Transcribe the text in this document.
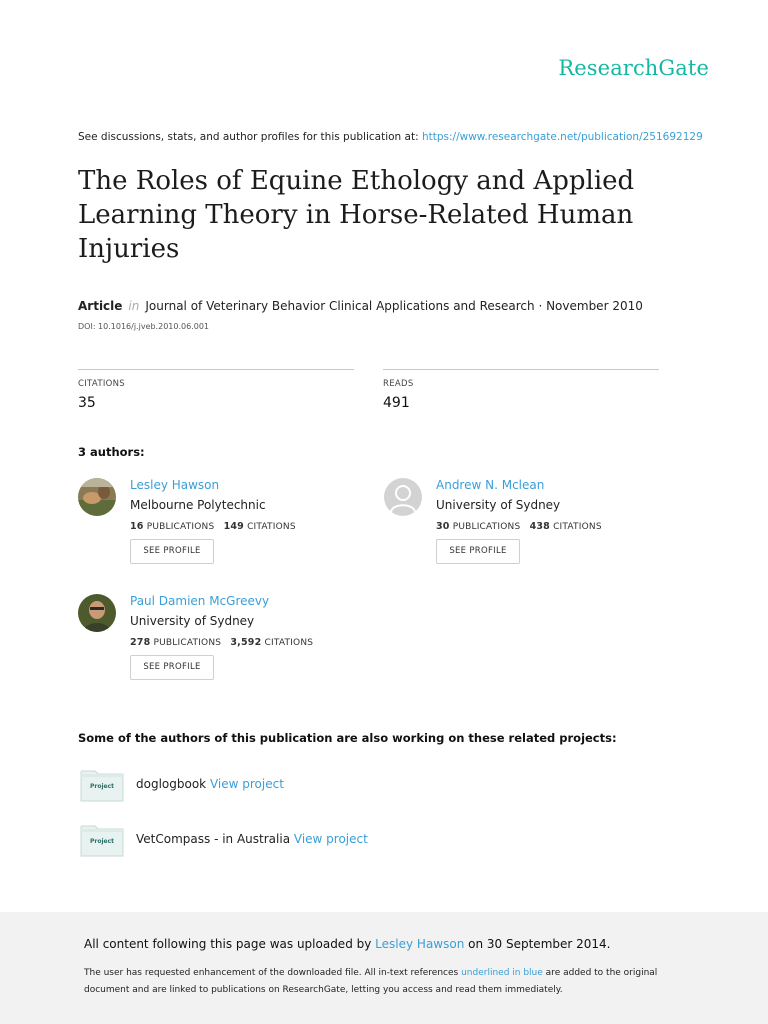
ResearchGate
See discussions, stats, and author profiles for this publication at: https://www.researchgate.net/publication/251692129
The Roles of Equine Ethology and Applied Learning Theory in Horse-Related Human Injuries
Article in Journal of Veterinary Behavior Clinical Applications and Research · November 2010
DOI: 10.1016/j.jveb.2010.06.001
CITATIONS
35
READS
491
3 authors:
Lesley Hawson
Melbourne Polytechnic
16 PUBLICATIONS 149 CITATIONS
SEE PROFILE
Andrew N. Mclean
University of Sydney
30 PUBLICATIONS 438 CITATIONS
SEE PROFILE
Paul Damien McGreevy
University of Sydney
278 PUBLICATIONS 3,592 CITATIONS
SEE PROFILE
Some of the authors of this publication are also working on these related projects:
Project	doglogbook View project
Project	VetCompass - in Australia View project
All content following this page was uploaded by Lesley Hawson on 30 September 2014.
The user has requested enhancement of the downloaded file. All in-text references underlined in blue are added to the original document and are linked to publications on ResearchGate, letting you access and read them immediately.
